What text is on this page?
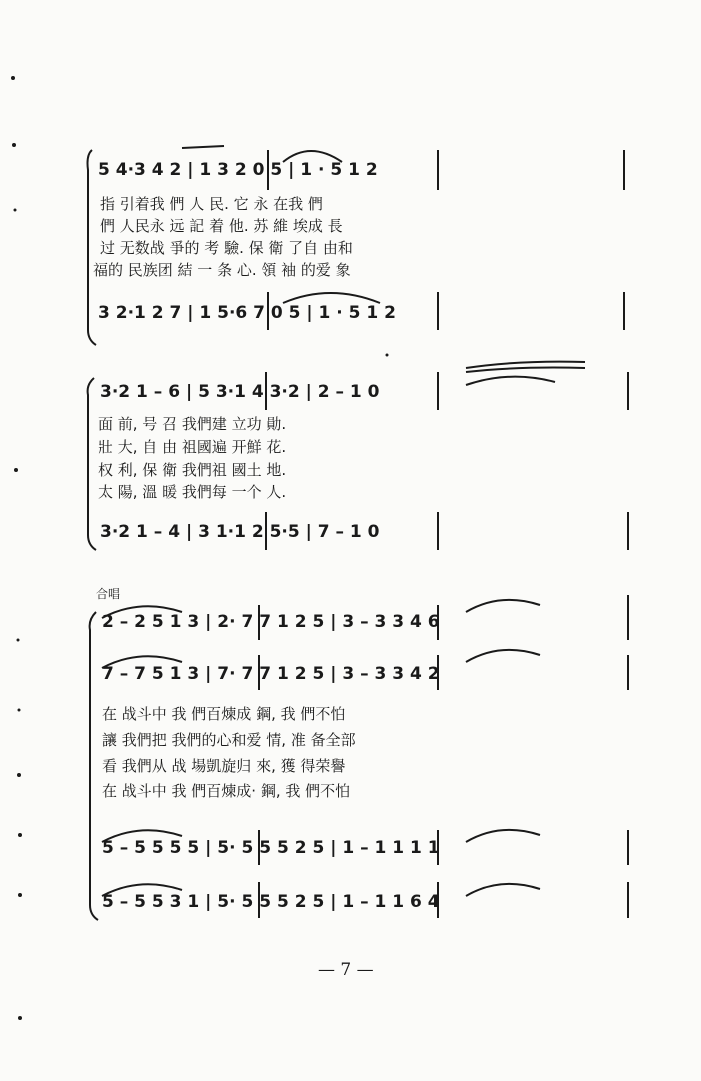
5 4·3 4 2 | 1 3 2 0 5 | 1 · 5 1 2
指 引着我 們 人 民. 它 永 在我 們
們 人民永 远 記 着 他. 苏 維 埃成 長
过 无数战 爭的 考 驗. 保 衛 了自 由和
福的 民族团 結 一 条 心. 領 袖 的爱 象
3 2·1 2 7 | 1 5·6 7 0 5 | 1 · 5 1 2
3·2 1 – 6 | 5 3·1 4 3·2 | 2 – 1 0
面 前, 号 召 我們建 立功 勛.
壯 大, 自 由 祖國遍 开鮮 花.
权 利, 保 衛 我們祖 國土 地.
太 陽, 溫 暖 我們每 一个 人.
3·2 1 – 4 | 3 1·1 2 5·5 | 7 – 1 0
合唱
2 – 2 5 1 3 | 2· 7 7 1 2 5 | 3 – 3 3 4 6
7 – 7 5 1 3 | 7· 7 7 1 2 5 | 3 – 3 3 4 2
在 战斗中 我 們百煉成 鋼, 我 們不怕
讓 我們把 我們的心和爱 情, 准 备全部
看 我們从 战 場凱旋归 來, 獲 得荣譽
在 战斗中 我 們百煉成· 鋼, 我 們不怕
5 – 5 5 5 5 | 5· 5 5 5 2 5 | 1 – 1 1 1 1
5 – 5 5 3 1 | 5· 5 5 5 2 5 | 1 – 1 1 6 4
— 7 —
